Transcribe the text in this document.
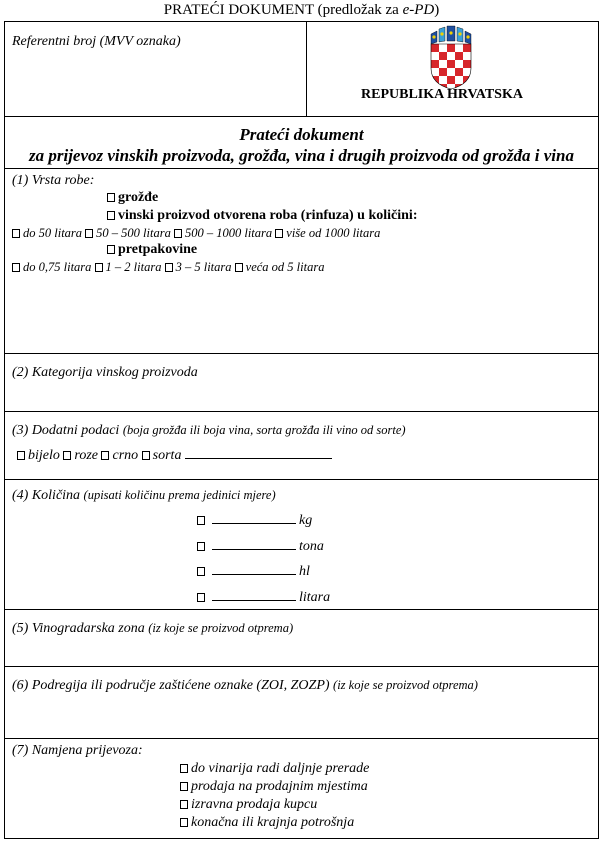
PRATEĆI DOKUMENT (predložak za e-PD)
Referentni broj (MVV oznaka)
REPUBLIKA HRVATSKA
Prateći dokument
za prijevoz vinskih proizvoda, grožđa, vina i drugih proizvoda od grožđa i vina
(1) Vrsta robe:
grožđe
vinski proizvod otvorena roba (rinfuza) u količini:
do 50 litara 50 – 500 litara 500 – 1000 litara više od 1000 litara
pretpakovine
do 0,75 litara 1 – 2 litara 3 – 5 litara veća od 5 litara
(2) Kategorija vinskog proizvoda
(3) Dodatni podaci (boja grožđa ili boja vina, sorta grožđa ili vino od sorte)
bijelo roze crno sorta
(4) Količina (upisati količinu prema jedinici mjere)
kg
tona
hl
litara
(5) Vinogradarska zona (iz koje se proizvod otprema)
(6) Podregija ili područje zaštićene oznake (ZOI, ZOZP) (iz koje se proizvod otprema)
(7) Namjena prijevoza:
do vinarija radi daljnje prerade
prodaja na prodajnim mjestima
izravna prodaja kupcu
konačna ili krajnja potrošnja
